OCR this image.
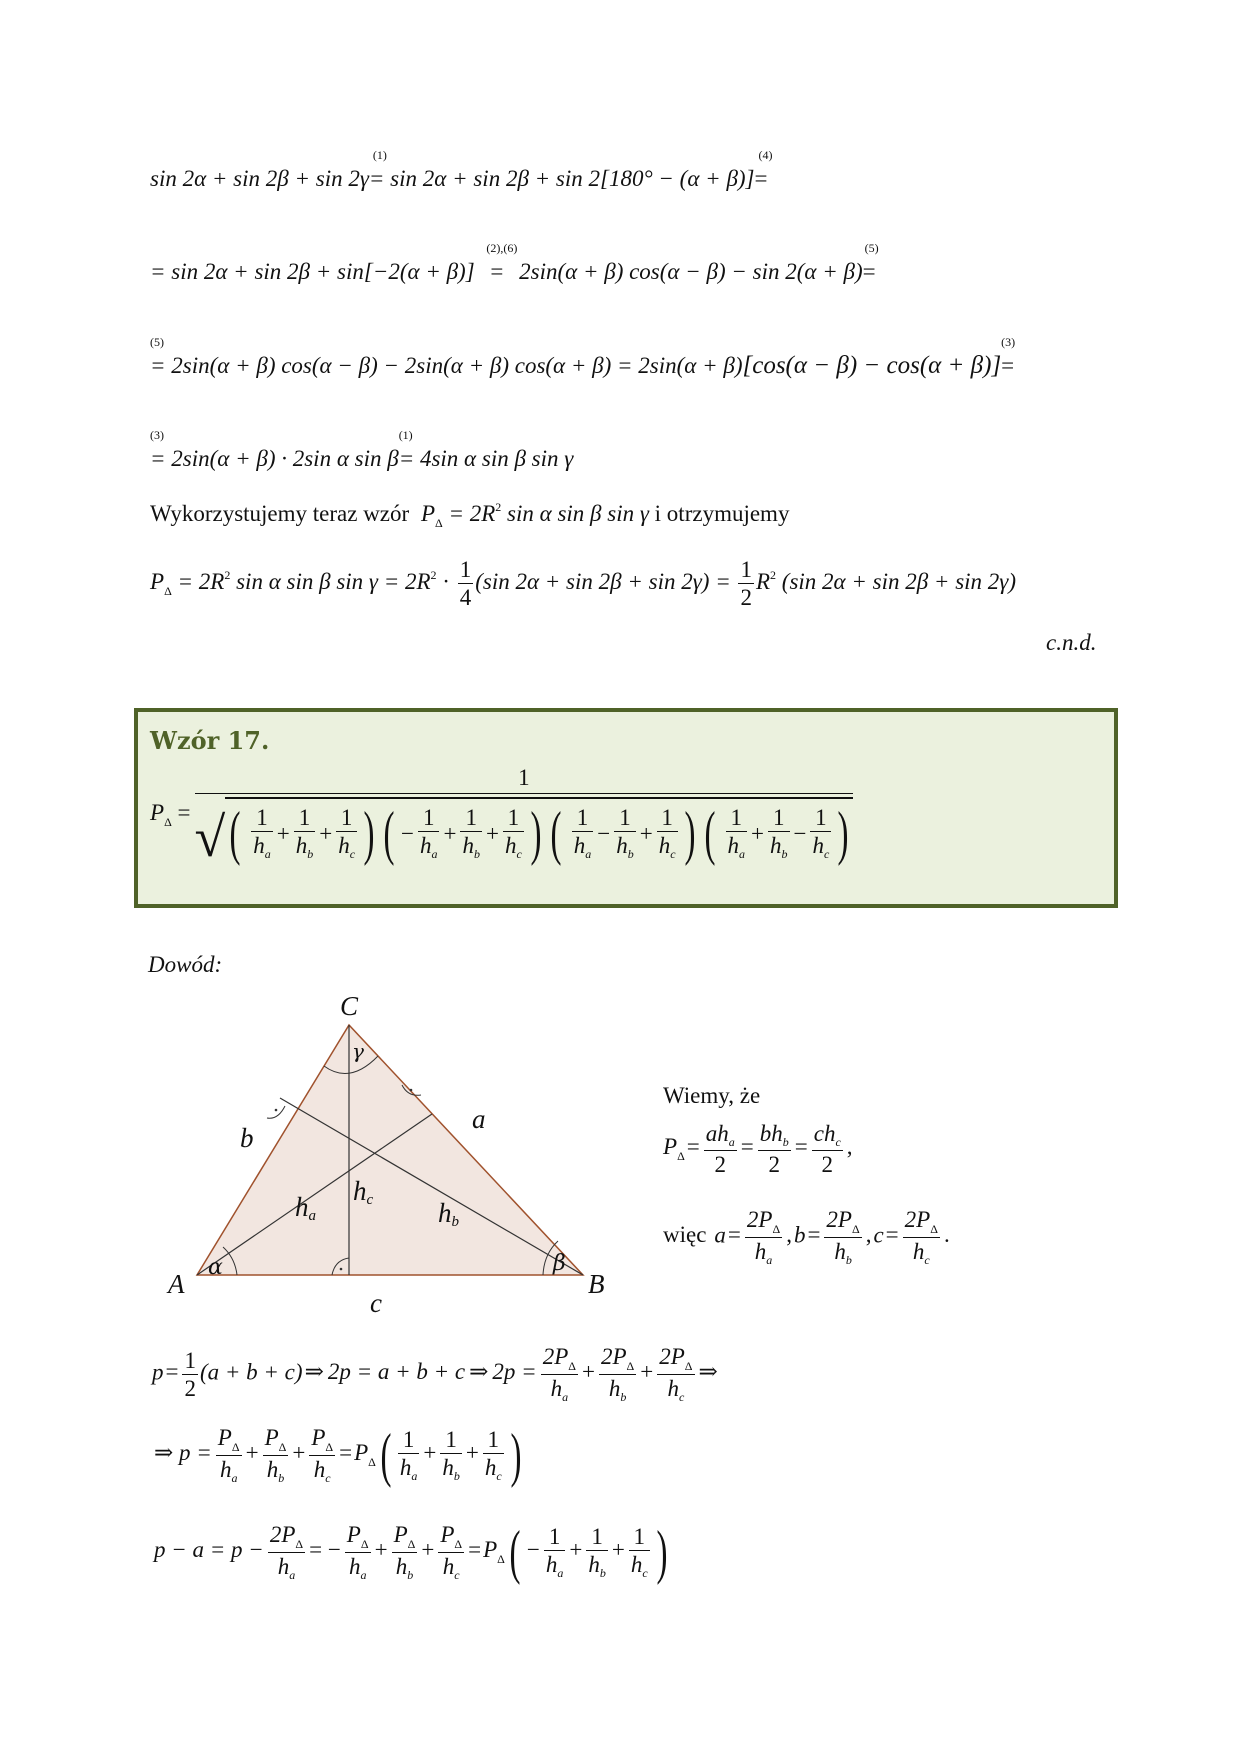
sin 2α + sin 2β + sin 2γ
(1)
= sin 2α + sin 2β + sin 2[180° − (α + β)]
(4)
=
= sin 2α + sin 2β + sin[−2(α + β)]
(2),(6)
= 2sin(α + β) cos(α − β) − sin 2(α + β)
(5)
=
(5)
= 2sin(α + β) cos(α − β) − 2sin(α + β) cos(α + β) = 2sin(α + β)[cos(α − β) − cos(α + β)]
(3)
=
(3)
= 2sin(α + β) · 2sin α sin β
(1)
= 4sin α sin β sin γ
Wykorzystujemy teraz wzór $P_\Delta = 2R^2$ sin α sin β sin γ i otrzymujemy
$P_\Delta = 2R^2$ sin α sin β $\sin \gamma = 2R^2 \cdot \frac{1}{4} (\sin$ $2\alpha + \sin 2\beta + \sin 2\gamma) = \frac{1}{2} R^2$ (sin 2α + sin 2β + sin 2γ)
c.n.d.
Wzór 17.
$P_\Delta$ =
1
√ ( $\frac{1}{h_a} + \frac{1}{h_b} + \frac{1}{h_c}$ ) ( − $\frac{1}{h_a} + \frac{1}{h_b} + \frac{1}{h_c}$ ) ( $\frac{1}{h_a} - \frac{1}{h_b} + \frac{1}{h_c}$ ) ( $\frac{1}{h_a} + \frac{1}{h_b} - \frac{1}{h_c}$ )
Dowód:
C
A	B
a
b
c
ha
hc hb
α	β
γ
Wiemy, że
$P_\Delta=$
$ah_a$
2
=
$bh_b$
2
=
$ch_c$
2
,
więc $a= \frac{2P_\Delta}{h_a} ,b= \frac{2P_\Delta}{h_b} ,c= \frac{2P_\Delta}{h_c}$ .
$p= \frac{1}{2} (a + b$ + c)⇒ 2p = a + b + c ⇒ $2p = \frac{2P_\Delta}{h_a} + \frac{2P_\Delta}{h_b} + \frac{2P_\Delta}{h_c}$ ⇒
⇒ $p = \frac{P_\Delta}{h_a} + \frac{P_\Delta}{h_b} + \frac{P_\Delta}{h_c} =P_\Delta( \frac{1}{h_a} + \frac{1}{h_b} + \frac{1}{h_c}$ )
$p - a = p - \frac{2P_\Delta}{h_a}$ = − $\frac{P_\Delta}{h_a} + \frac{P_\Delta}{h_b} + \frac{P_\Delta}{h_c} =P_\Delta( - \frac{1}{h_a} + \frac{1}{h_b} + \frac{1}{h_c}$ )
